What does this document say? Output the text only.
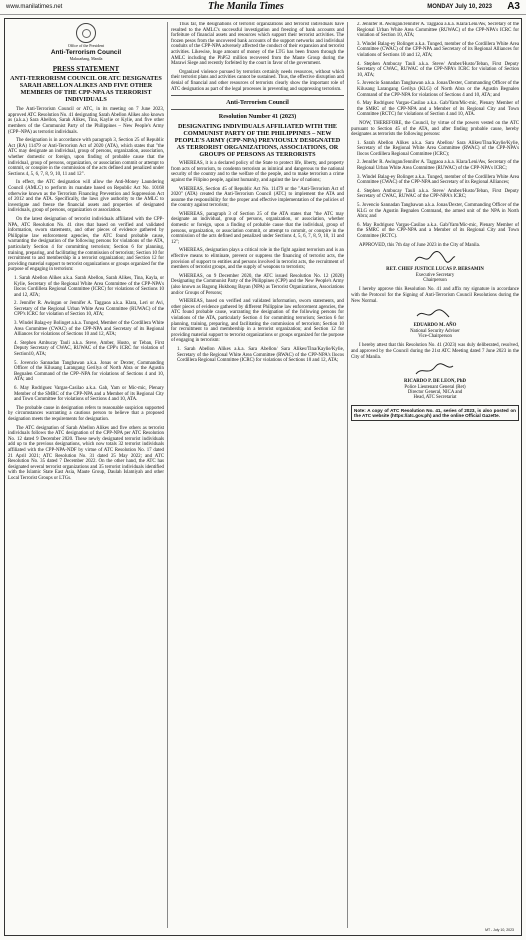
www.manilatimes.net	The Manila Times	MONDAY July 10, 2023 A3
Office of the President
Anti-Terrorism Council
Malacañang, Manila
PRESS STATEMENT
ANTI-TERRORISM COUNCIL OR ATC DESIGNATES SARAH ABELLON ALIKES AND FIVE OTHER MEMBERS OF THE CPP-NPA AS TERRORIST INDIVIDUALS

The Anti-Terrorism Council or ATC, in its meeting on 7 June 2023, approved ATC Resolution No. 41 designating Sarah Abellon Alikes also known as (a.k.a.) Sara Abellon, Sarah Alikes, Tina, Kaylie or Kylie, and five other members of the Communist Party of the Philippines – New People's Army (CPP–NPA) as terrorist individuals.

The designation is in accordance with paragraph 3, Section 25 of Republic Act (RA) 11479 or Anti-Terrorism Act of 2020 (ATA), which states that "the ATC may designate an individual, group of persons, organization, association, whether domestic or foreign, upon finding of probable cause that the individual, group of persons, organization, or association commit or attempt to commit, or conspire in the commission of the acts defined and penalized under Sections 4, 5, 6, 7, 8, 9, 10, 11 and 12".

In effect, the ATC designation will allow the Anti-Money Laundering Council (AMLC) to perform its mandate based on Republic Act No. 10168 otherwise known as the Terrorism Financing Prevention and Suppression Act of 2012 and the ATA. Specifically, the laws give authority to the AMLC to investigate and freeze the financial assets and properties of designated individuals, group of persons, organization or association.

On the latest designation of terrorist individuals affiliated with the CPP-NPA, ATC Resolution No. 41 cites that based on verified and validated information, sworn statements, and other pieces of evidence gathered by Philippine law enforcement agencies, the ATC found probable cause, warranting the designation of the following persons for violations of the ATA, particularly Section 4 for committing terrorism; Section 6 for planning, training, preparing, and facilitating the commission of terrorism; Section 10 for recruitment to and membership in a terrorist organization; and Section 12 for providing material support to terrorist organizations or groups organized for the purpose of engaging in terrorism:

1. Sarah Abellon Alikes a.k.a. Sarah Abellon, Sarah Alikes, Tina, Kayla, or Kylie, Secretary of the Regional White Area Committee of the CPP-NPA's Ilocos Cordillera Regional Committee (ICRC) for violations of Sections 10 and 12, ATA;

2. Jennifer R. Awingan or Jennifer A. Taggaoa a.k.a. Klara, Leri or Avi, Secretary of the Regional Urban White Area Committee (RUWAC) of the CPP's ICRC for violation of Section 10, ATA;

3. Windel Balag-ey Bolinget a.k.a. Tunged, Member of the Cordillera White Area Committee (CWAC) of the CPP-NPA and Secretary of its Regional Alliances for violations of Sections 10 and 12, ATA;

4. Stephen Ambucay Tauli a.k.a. Steve, Amber, Husto, or Teban, First Deputy Secretary of CWAC, RUWAC of the CPP's ICRC for violation of Section10, ATA;

5. Jovencio Sannadan Tangbawan a.k.a. Jonas or Dexter, Commanding Officer of the Kilusang Larangang Gerilya of North Abra or the Agustin Begnalen Command of the CPP–NPA for violations of Sections 4 and 10, ATA; and

6. May Rodriguez Vargas-Casilao a.k.a. Gab, Yam or Mic-mic, Plenary Member of the SMRC of the CPP-NPA and a Member of its Regional City and Town Committee for violations of Sections 4 and 10, ATA.

The probable cause in designation refers to reasonable suspicion supported by circumstances warranting a cautious person to believe that a proposed designation meets the requirements for designation.

The ATC designation of Sarah Abellon Alikes and five others as terrorist individuals follows the ATC designation of the CPP-NPA per ATC Resolution No. 12 dated 9 December 2020. These newly designated terrorist individuals add up to the previous designations, which now totals 32 terrorist individuals affiliated with the CPP-NPA-NDF by virtue of ATC Resolution No. 17 dated 21 April 2021; ATC Resolution No. 31 dated 25 May 2022; and ATC Resolution No. 35 dated 7 December 2022. On the other hand, the ATC has designated several terrorist organizations and 35 terrorist individuals identified with the Islamic State East Asia, Maute Group, Daulah Islamiyah and other Local Terrorist Groups or LTGs.

Thus far, the designations of terrorist organizations and terrorist individuals have resulted to the AMLC's successful investigation and freezing of bank accounts and forfeiture of financial assets and resources which support their terrorist activities. The frozen pesos from the uncovered bank accounts of the support networks and individual conduits of the CPP-NPA adversely affected the conduct of their expansion and terrorist activities. Likewise, huge amount of money of the LTG has been frozen through the AMLC including the PhP52 million recovered from the Maute Group during the Marawi Siege and recently forfeited by the court in favor of the government.

Organized violence pursued by terrorists certainly needs resources, without which their terrorist plans and activities cannot be sustained. Thus, the effective disruption and denial of financial and other resources of terrorists clearly show the important role of ATC designation as part of the legal processes in preventing and suppressing terrorism.

Anti-Terrorism Council
Resolution Number 41 (2023)
DESIGNATING INDIVIDUALS AFFILIATED WITH THE COMMUNIST PARTY OF THE PHILIPPINES – NEW PEOPLE'S ARMY (CPP-NPA) PREVIOUSLY DESIGNATED AS TERRORIST ORGANIZATIONS, ASSOCIATIONS, OR GROUPS OF PERSONS AS TERRORISTS

WHEREAS, it is a declared policy of the State to protect life, liberty, and property from acts of terrorism, to condemn terrorism as inimical and dangerous to the national security of the country and to the welfare of the people, and to make terrorism a crime against the Filipino people, against humanity, and against the law of nations;

WHEREAS, Section 45 of Republic Act No. 11479 or the "Anti-Terrorism Act of 2020" (ATA) created the Anti-Terrorism Council (ATC) to implement the ATA and assume the responsibility for the proper and effective implementation of the policies of the country against terrorism;

WHEREAS, paragraph 3 of Section 25 of the ATA states that "the ATC may designate an individual, group of persons, organization, or association, whether domestic or foreign, upon a finding of probable cause that the individual, group of persons, organization, or association commit, or attempt to commit, or conspire in the commission of the acts defined and penalized under Sections 4, 5, 6, 7, 8, 9, 10, 11 and 12";

WHEREAS, designation plays a critical role in the fight against terrorism and is an effective means to eliminate, prevent or suppress the financing of terrorist acts, the provision of support to entities and persons involved in terrorist acts, the recruitment of members of terrorist groups, and the supply of weapons to terrorists;

WHEREAS, on 9 December 2020, the ATC issued Resolution No. 12 (2020) Designating the Communist Party of the Philippines (CPP) and the New People's Army (also known as Bagong Hukbong Bayan (NPA) as Terrorist Organizations, Associations and/or Groups of Persons;

WHEREAS, based on verified and validated information, sworn statements, and other pieces of evidence gathered by different Philippine law enforcement agencies, the ATC found probable cause, warranting the designation of the following persons for violations of the ATA, particularly Section 4 for committing terrorism; Section 6 for planning, training, preparing, and facilitating the commission of terrorism; Section 10 for recruitment to and membership in a terrorist organization; and Section 12 for providing material support to terrorist organizations or groups organized for the purpose of engaging in terrorism:

1. Sarah Abellon Alikes a.k.a. Sara Abellon/ Sara Alikes/Tina/Kaylie/Kylie, Secretary of the Regional White Area Committee (RWAC) of the CPP-NPA's Ilocos Cordillera Regional Committee (ICRC) for violations of Sections 10 and 12, ATA;

2. Jennifer R. Awingan/Jennifer A. Taggaoa a.k.a. Klara/Leni/Aw, Secretary of the Regional Urban White Area Committee (RUWAC) of the CPP-NPA's ICRC for violation of Section 10, ATA;

3. Windel Balag-ey Bolinget a.k.a. Tunged, member of the Cordillera White Area Committee (CWAC) of the CPP-NPA and Secretary of its Regional Alliances for violations of Sections 10 and 12, ATA;

4. Stephen Ambucay Tauli a.k.a. Steve/ Amber/Husto/Teban, First Deputy Secretary of CWAC, RUWAC of the CPP-NPA's ICRC for violation of Section 10, ATA;

5. Jovencio Sannadan Tangbawan a.k.a. Jonas/Dexter, Commanding Officer of the Kilusang Larangang Gerilya (KLG) of North Abra or the Agustin Begnalen Command of the CPP-NPA for violations of Sections 4 and 10, ATA; and

6. May Rodriguez Vargas-Casilao a.k.a. Gab/Yam/Mic-mic, Plenary Member of the SMRC of the CPP-NPA and a Member of its Regional City and Town Committee (RCTC) for violations of Section 4 and 10, ATA.

NOW, THEREFORE, the Council, by virtue of the powers vested on the ATC pursuant to Section 45 of the ATA, and after finding probable cause, hereby designates as terrorists the following persons:

1. Sarah Abellon Alikes a.k.a. Sara Abellon/ Sara Alikes/Tina/Kaylie/Kylie, Secretary of the Regional White Area Committee (RWAC) of the CPP-NPA's Ilocos Cordillera Regional Committee (ICRC);

2. Jennifer R. Awingan/Jennifer A. Taggaoa a.k.a. Klara/Leni/Aw, Secretary of the Regional Urban White Area Committee (RUWAC) of the CPP-NPA's ICRC;

3. Windel Balag-ey Bolinget a.k.a. Tunged, member of the Cordillera White Area Committee (CWAC) of the CPP-NPA and Secretary of its Regional Alliances;

4. Stephen Ambucay Tauli a.k.a. Steve/ Amber/Husto/Teban, First Deputy Secretary of CWAC, RUWAC of the CPP-NPA's ICRC;

5. Jovencio Sannadan Tangbawan a.k.a. Jonas/Dexter, Commanding Officer of the KLG or the Agustin Begnalen Command, the armed unit of the NPA in North Abra; and

6. May Rodriguez Vargas-Casilao a.k.a. Gab/Yam/Mic-mic, Plenary Member of the SMRC of the CPP-NPA and a Member of its Regional City and Town Committee (RCTC).

APPROVED, this 7th day of June 2023 in the City of Manila.

RET. CHIEF JUSTICE LUCAS P. BERSAMIN
Executive Secretary
Chairperson

I hereby approve this Resolution No. 41 and affix my signature in accordance with the Protocol for the Signing of Anti-Terrorism Council Resolutions during the New Normal.

EDUARDO M. AÑO
National Security Adviser
Vice-Chairperson

I hereby attest that this Resolution No. 41 (2023) was duly deliberated, resolved, and approved by the Council during the 21st ATC Meeting dated 7 June 2023 in the City of Manila.

RICARDO P. DE LEON, PhD
Police Lieutenant General (Ret)
Director General, NICA and
Head, ATC Secretariat
Note: A copy of ATC Resolution No. 41, series of 2023, is also posted on the ATC website (https://atc.gov.ph) and the online Official Gazette.
MT - July 10, 2023
